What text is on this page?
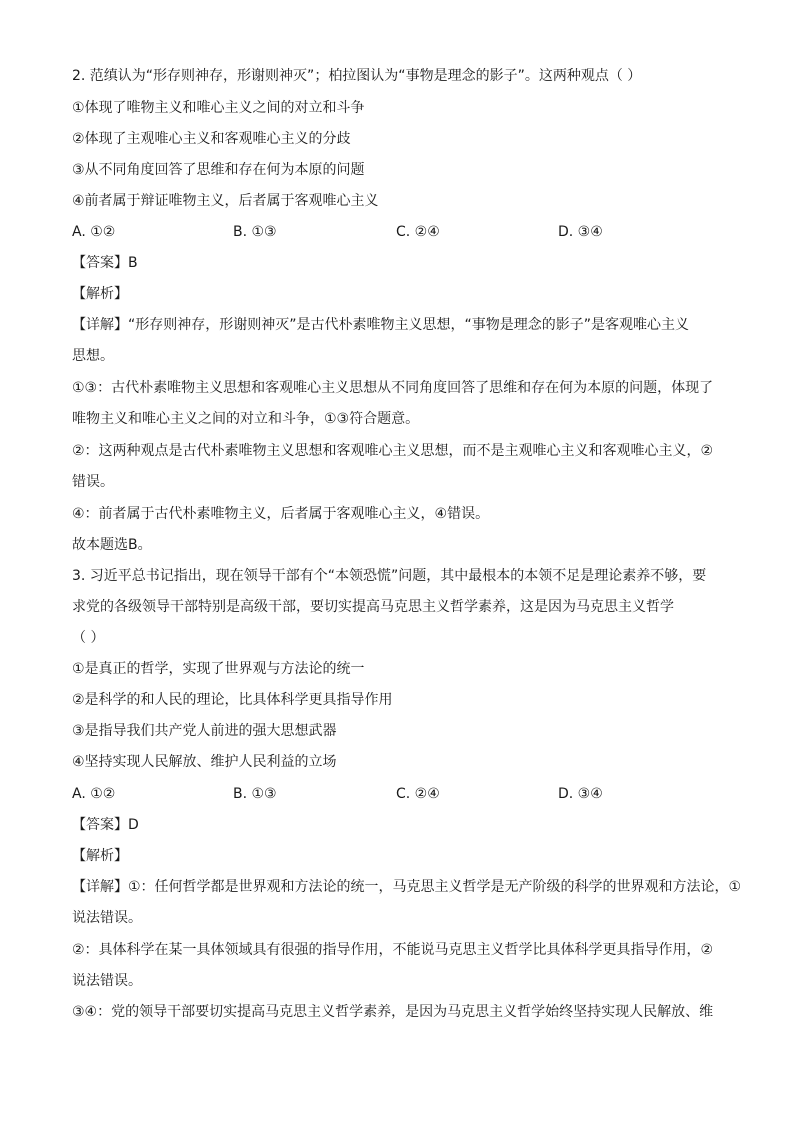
2. 范缜认为“形存则神存，形谢则神灭”；柏拉图认为“事物是理念的影子”。这两种观点（ ）
①体现了唯物主义和唯心主义之间的对立和斗争
②体现了主观唯心主义和客观唯心主义的分歧
③从不同角度回答了思维和存在何为本原的问题
④前者属于辩证唯物主义，后者属于客观唯心主义
A. ①②	B. ①③	C. ②④	D. ③④
【答案】B
【解析】
【详解】“形存则神存，形谢则神灭”是古代朴素唯物主义思想，“事物是理念的影子”是客观唯心主义
思想。
①③：古代朴素唯物主义思想和客观唯心主义思想从不同角度回答了思维和存在何为本原的问题，体现了
唯物主义和唯心主义之间的对立和斗争，①③符合题意。
②：这两种观点是古代朴素唯物主义思想和客观唯心主义思想，而不是主观唯心主义和客观唯心主义，②
错误。
④：前者属于古代朴素唯物主义，后者属于客观唯心主义，④错误。
故本题选B。
3. 习近平总书记指出，现在领导干部有个“本领恐慌”问题，其中最根本的本领不足是理论素养不够，要
求党的各级领导干部特别是高级干部，要切实提高马克思主义哲学素养，这是因为马克思主义哲学
（ ）
①是真正的哲学，实现了世界观与方法论的统一
②是科学的和人民的理论，比具体科学更具指导作用
③是指导我们共产党人前进的强大思想武器
④坚持实现人民解放、维护人民利益的立场
A. ①②	B. ①③	C. ②④	D. ③④
【答案】D
【解析】
【详解】①：任何哲学都是世界观和方法论的统一，马克思主义哲学是无产阶级的科学的世界观和方法论，①
说法错误。
②：具体科学在某一具体领域具有很强的指导作用，不能说马克思主义哲学比具体科学更具指导作用，②
说法错误。
③④：党的领导干部要切实提高马克思主义哲学素养，是因为马克思主义哲学始终坚持实现人民解放、维
